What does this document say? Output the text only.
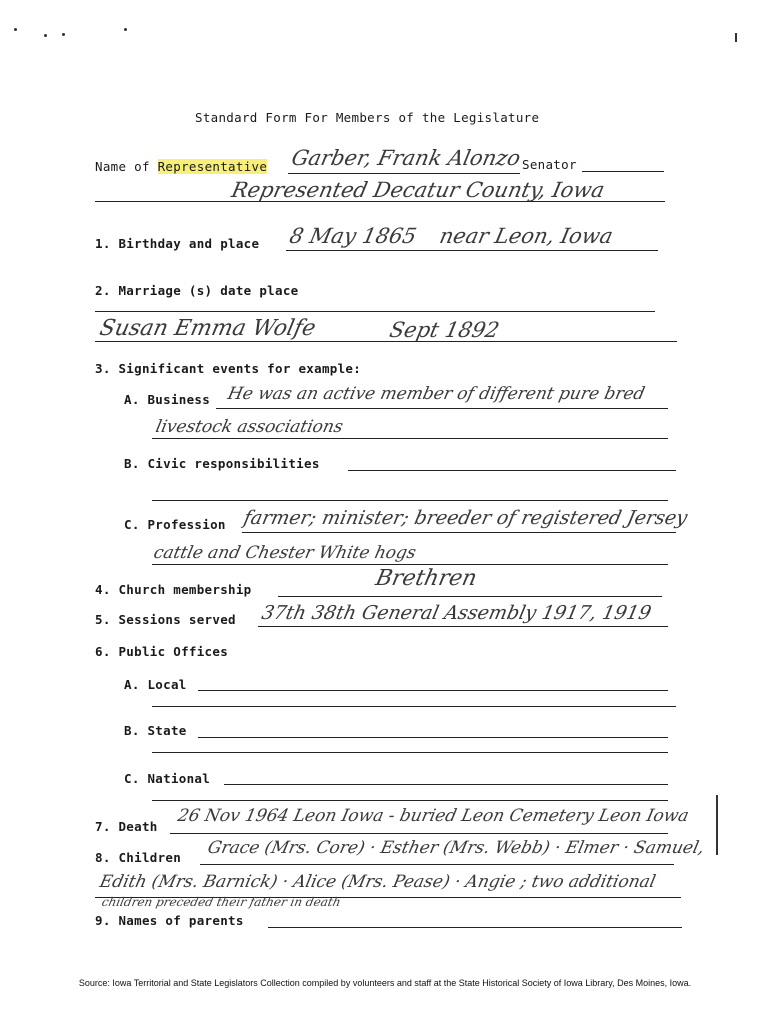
Standard Form For Members of the Legislature
Name of Representative Garber, Frank Alonzo Senator
Represented Decatur County, Iowa
1. Birthday and place 8 May 1865 near Leon, Iowa
2. Marriage (s) date place
Susan Emma Wolfe	Sept 1892
3. Significant events for example:
A. Business He was an active member of different pure bred
livestock associations
B. Civic responsibilities
C. Profession farmer; minister; breeder of registered Jersey
cattle and Chester White hogs
4. Church membership	Brethren
5. Sessions served 37th 38th General Assembly 1917, 1919
6. Public Offices
A. Local
B. State
C. National
7. Death
26 Nov 1964 Leon Iowa - buried Leon Cemetery Leon Iowa
8. Children Grace (Mrs. Core) · Esther (Mrs. Webb) · Elmer · Samuel,
Edith (Mrs. Barnick) · Alice (Mrs. Pease) · Angie ; two additional
children preceded their father in death
9. Names of parents
Source: Iowa Territorial and State Legislators Collection compiled by volunteers and staff at the State Historical Society of Iowa Library, Des Moines, Iowa.
